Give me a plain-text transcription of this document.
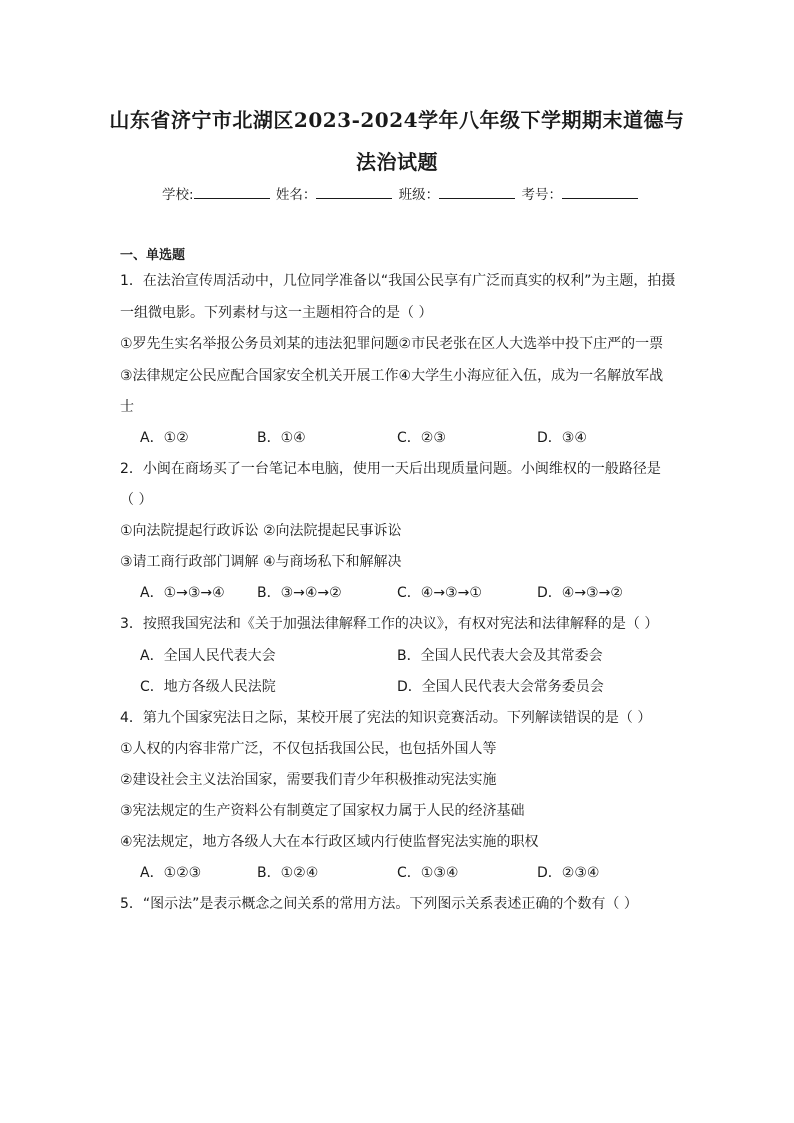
山东省济宁市北湖区2023-2024学年八年级下学期期末道德与
法治试题
学校:	姓名：	班级：	考号：
一、单选题
1．在法治宣传周活动中，几位同学准备以“我国公民享有广泛而真实的权利”为主题，拍摄
一组微电影。下列素材与这一主题相符合的是（ ）
①罗先生实名举报公务员刘某的违法犯罪问题②市民老张在区人大选举中投下庄严的一票
③法律规定公民应配合国家安全机关开展工作④大学生小海应征入伍，成为一名解放军战
士
A．①②	B．①④	C．②③	D．③④
2．小闽在商场买了一台笔记本电脑，使用一天后出现质量问题。小闽维权的一般路径是
（ ）
①向法院提起行政诉讼 ②向法院提起民事诉讼
③请工商行政部门调解 ④与商场私下和解解决
A．①→③→④ B．③→④→②	C．④→③→①	D．④→③→②
3．按照我国宪法和《关于加强法律解释工作的决议》，有权对宪法和法律解释的是（ ）
A．全国人民代表大会	B．全国人民代表大会及其常委会
C．地方各级人民法院	D．全国人民代表大会常务委员会
4．第九个国家宪法日之际，某校开展了宪法的知识竞赛活动。下列解读错误的是（ ）
①人权的内容非常广泛，不仅包括我国公民，也包括外国人等
②建设社会主义法治国家，需要我们青少年积极推动宪法实施
③宪法规定的生产资料公有制奠定了国家权力属于人民的经济基础
④宪法规定，地方各级人大在本行政区域内行使监督宪法实施的职权
A．①②③	B．①②④	C．①③④	D．②③④
5．“图示法”是表示概念之间关系的常用方法。下列图示关系表述正确的个数有（ ）
